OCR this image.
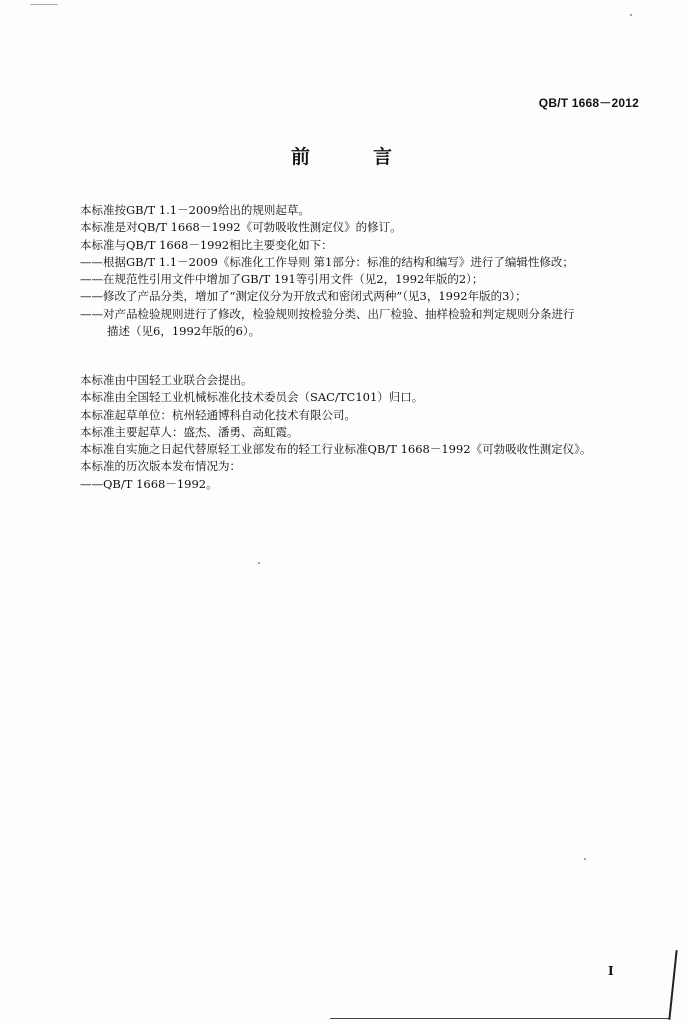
QB/T 1668－2012
前　言
本标准按GB/T 1.1－2009给出的规则起草。
本标准是对QB/T 1668－1992《可勃吸收性测定仪》的修订。
本标准与QB/T 1668－1992相比主要变化如下：
——根据GB/T 1.1－2009《标准化工作导则 第1部分：标准的结构和编写》进行了编辑性修改；
——在规范性引用文件中增加了GB/T 191等引用文件（见2，1992年版的2）；
——修改了产品分类，增加了“测定仪分为开放式和密闭式两种”（见3，1992年版的3）；
——对产品检验规则进行了修改，检验规则按检验分类、出厂检验、抽样检验和判定规则分条进行
描述（见6，1992年版的6）。
本标准由中国轻工业联合会提出。
本标准由全国轻工业机械标准化技术委员会（SAC/TC101）归口。
本标准起草单位：杭州轻通博科自动化技术有限公司。
本标准主要起草人：盛杰、潘勇、高虹霞。
本标准自实施之日起代替原轻工业部发布的轻工行业标准QB/T 1668－1992《可勃吸收性测定仪》。
本标准的历次版本发布情况为：
——QB/T 1668－1992。
I
